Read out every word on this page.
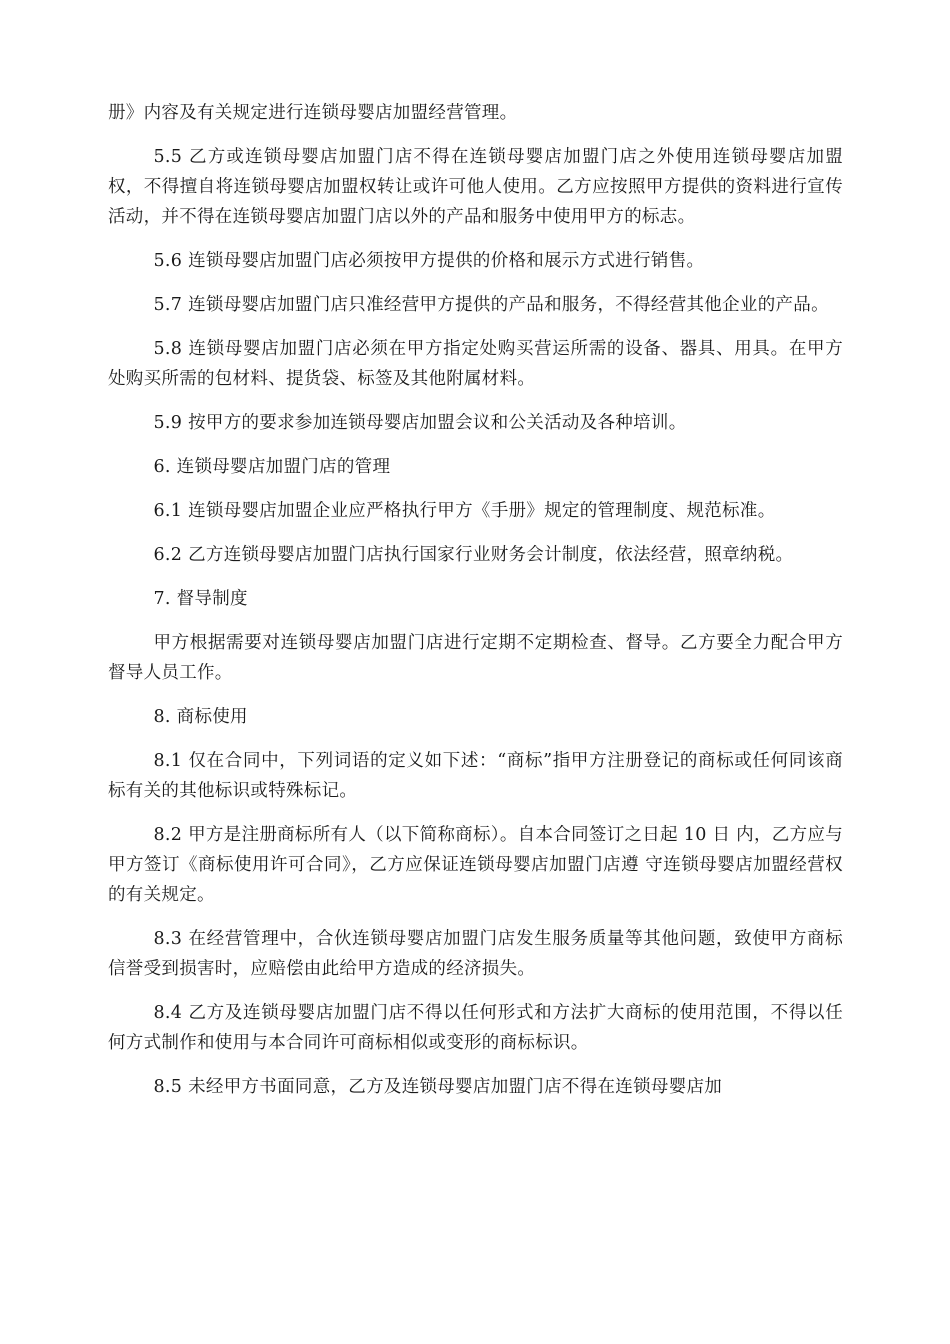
册》内容及有关规定进行连锁母婴店加盟经营管理。

5.5 乙方或连锁母婴店加盟门店不得在连锁母婴店加盟门店之外使用连锁母婴店加盟权，不得擅自将连锁母婴店加盟权转让或许可他人使用。乙方应按照甲方提供的资料进行宣传活动，并不得在连锁母婴店加盟门店以外的产品和服务中使用甲方的标志。

5.6 连锁母婴店加盟门店必须按甲方提供的价格和展示方式进行销售。

5.7 连锁母婴店加盟门店只准经营甲方提供的产品和服务，不得经营其他企业的产品。

5.8 连锁母婴店加盟门店必须在甲方指定处购买营运所需的设备、器具、用具。在甲方处购买所需的包材料、提货袋、标签及其他附属材料。

5.9 按甲方的要求参加连锁母婴店加盟会议和公关活动及各种培训。

6. 连锁母婴店加盟门店的管理

6.1 连锁母婴店加盟企业应严格执行甲方《手册》规定的管理制度、规范标准。

6.2 乙方连锁母婴店加盟门店执行国家行业财务会计制度，依法经营，照章纳税。

7. 督导制度

甲方根据需要对连锁母婴店加盟门店进行定期不定期检查、督导。乙方要全力配合甲方督导人员工作。

8. 商标使用

8.1 仅在合同中，下列词语的定义如下述：“商标”指甲方注册登记的商标或任何同该商标有关的其他标识或特殊标记。

8.2 甲方是注册商标所有人（以下简称商标）。自本合同签订之日起 10 日 内，乙方应与甲方签订《商标使用许可合同》，乙方应保证连锁母婴店加盟门店遵 守连锁母婴店加盟经营权的有关规定。

8.3 在经营管理中，合伙连锁母婴店加盟门店发生服务质量等其他问题，致使甲方商标信誉受到损害时，应赔偿由此给甲方造成的经济损失。

8.4 乙方及连锁母婴店加盟门店不得以任何形式和方法扩大商标的使用范围，不得以任何方式制作和使用与本合同许可商标相似或变形的商标标识。

8.5 未经甲方书面同意，乙方及连锁母婴店加盟门店不得在连锁母婴店加
